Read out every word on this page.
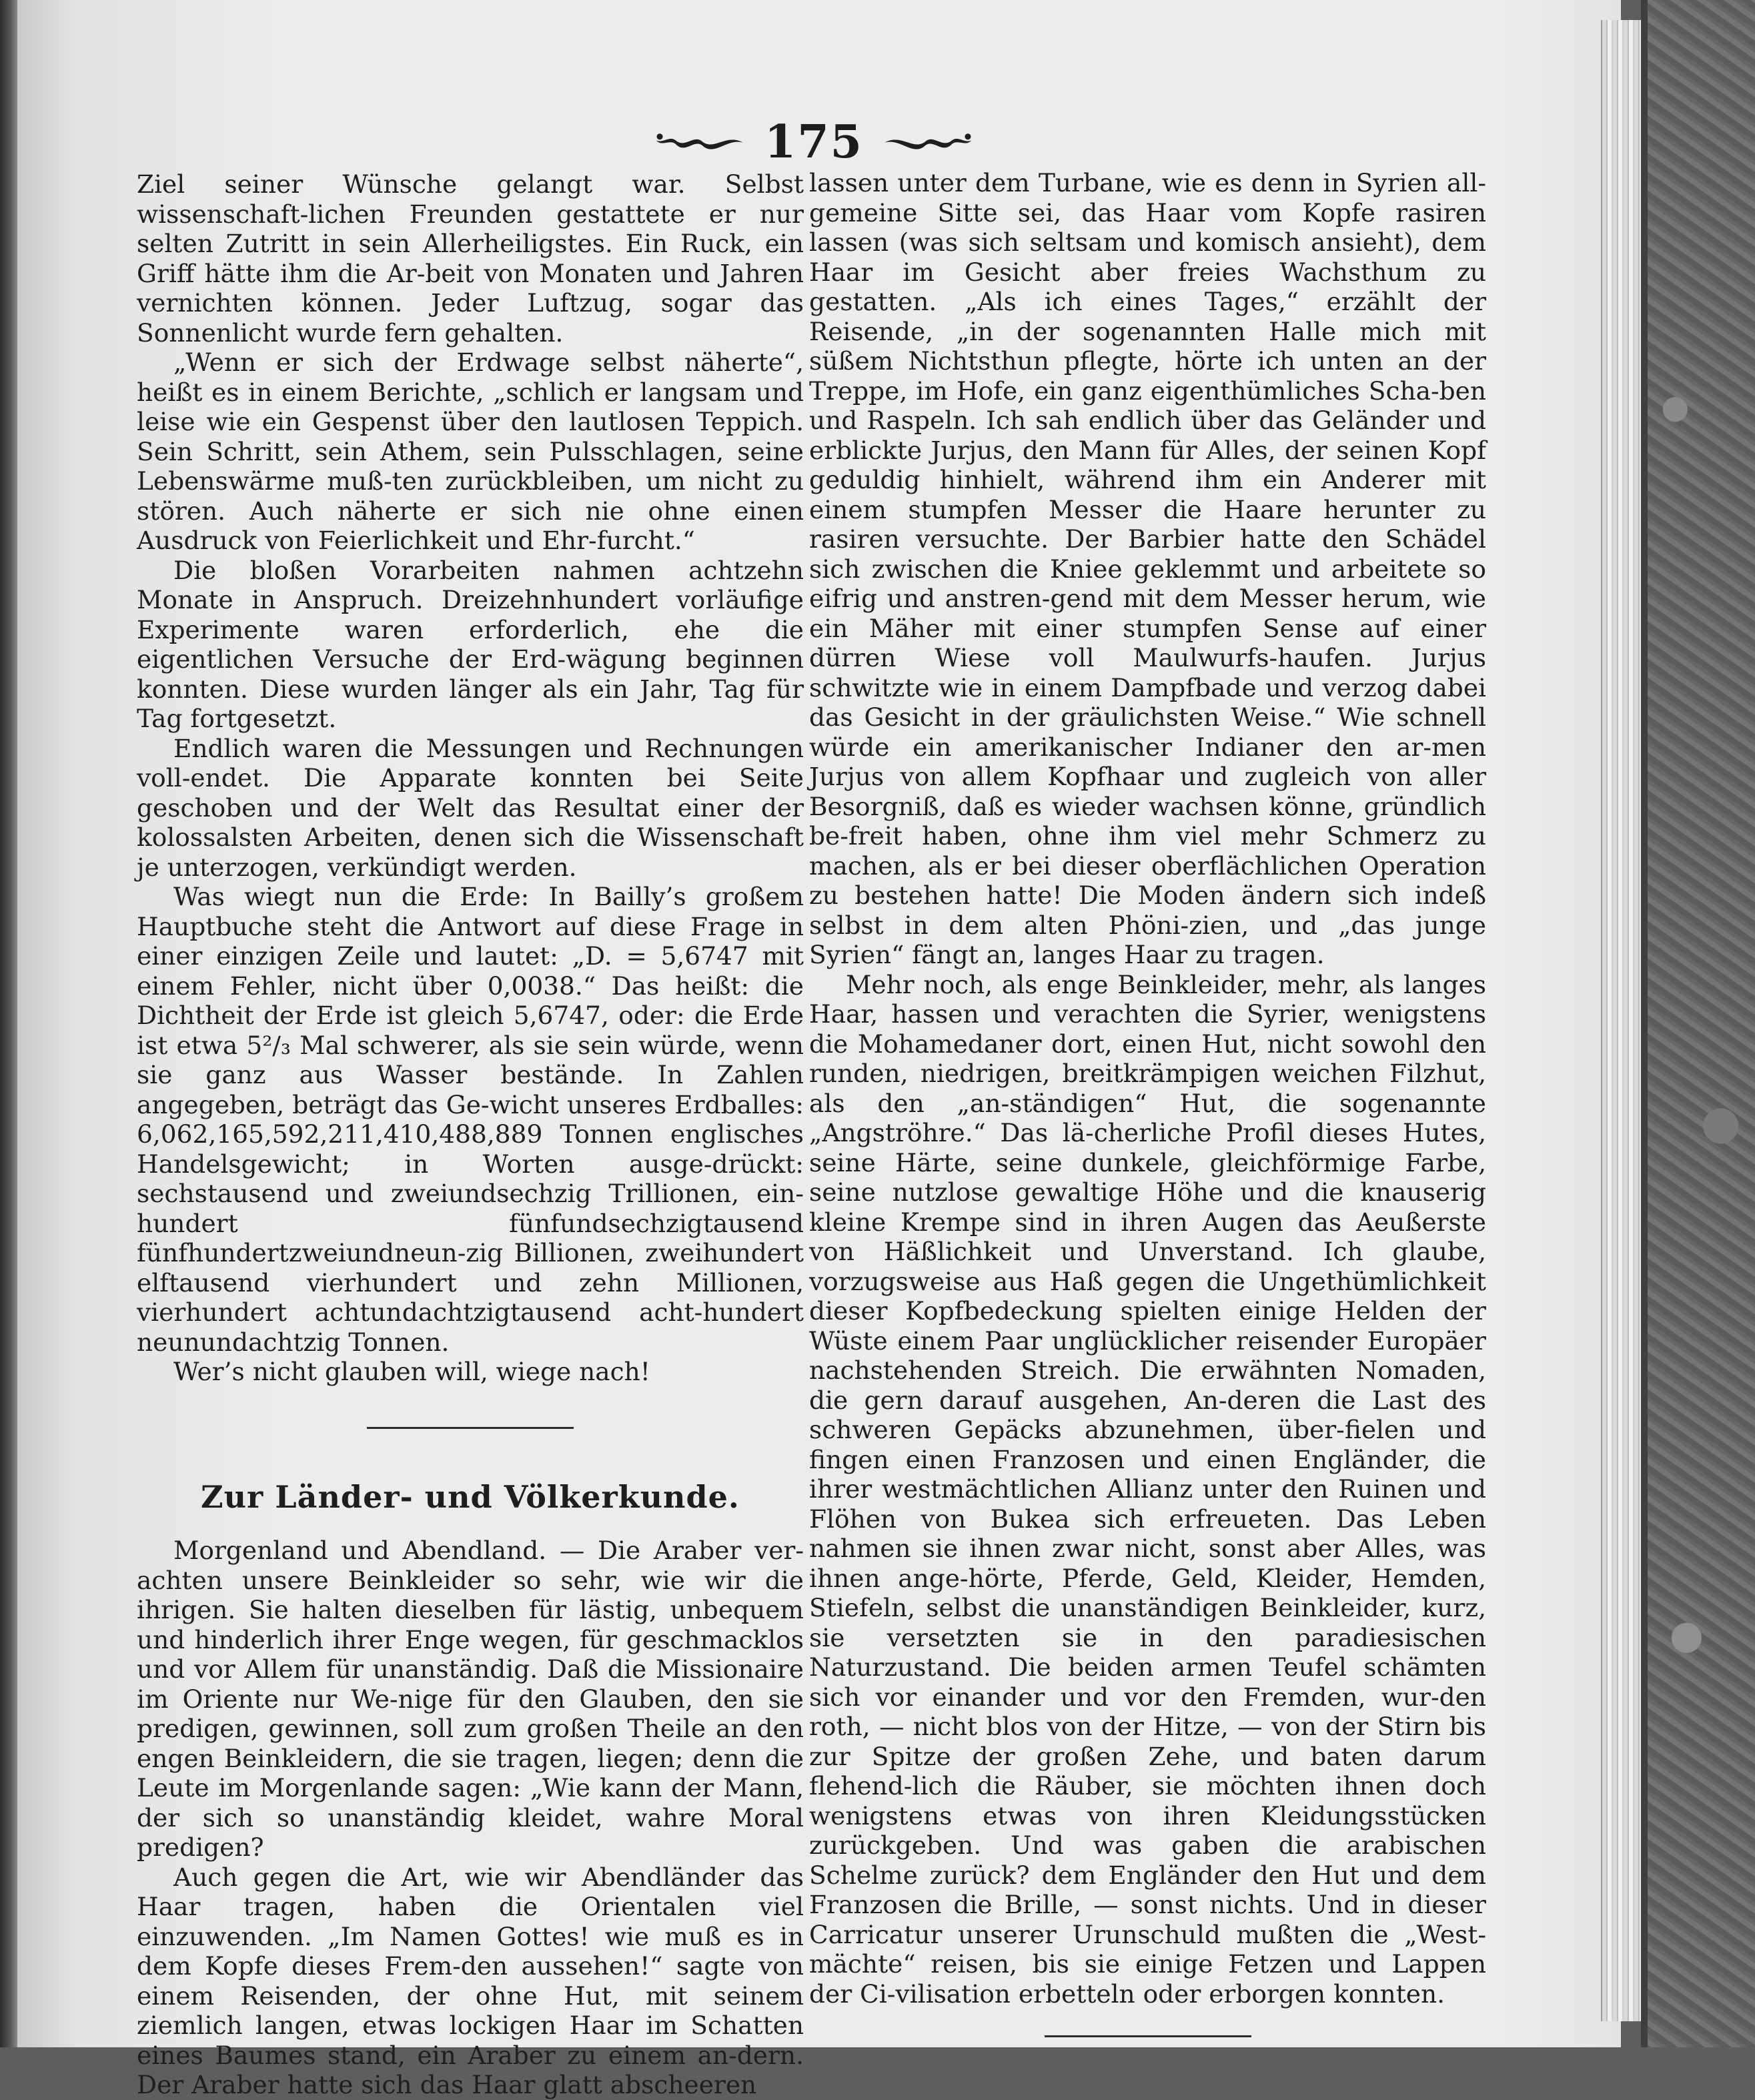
175

Ziel seiner Wünsche gelangt war. Selbst wissenschaft-lichen Freunden gestattete er nur selten Zutritt in sein Allerheiligstes. Ein Ruck, ein Griff hätte ihm die Ar-beit von Monaten und Jahren vernichten können. Jeder Luftzug, sogar das Sonnenlicht wurde fern gehalten.

„Wenn er sich der Erdwage selbst näherte“, heißt es in einem Berichte, „schlich er langsam und leise wie ein Gespenst über den lautlosen Teppich. Sein Schritt, sein Athem, sein Pulsschlagen, seine Lebenswärme muß-ten zurückbleiben, um nicht zu stören. Auch näherte er sich nie ohne einen Ausdruck von Feierlichkeit und Ehr-furcht.“

Die bloßen Vorarbeiten nahmen achtzehn Monate in Anspruch. Dreizehnhundert vorläufige Experimente waren erforderlich, ehe die eigentlichen Versuche der Erd-wägung beginnen konnten. Diese wurden länger als ein Jahr, Tag für Tag fortgesetzt.

Endlich waren die Messungen und Rechnungen voll-endet. Die Apparate konnten bei Seite geschoben und der Welt das Resultat einer der kolossalsten Arbeiten, denen sich die Wissenschaft je unterzogen, verkündigt werden.

Was wiegt nun die Erde: In Bailly’s großem Hauptbuche steht die Antwort auf diese Frage in einer einzigen Zeile und lautet: „D. = 5,6747 mit einem Fehler, nicht über 0,0038.“ Das heißt: die Dichtheit der Erde ist gleich 5,6747, oder: die Erde ist etwa 5²/₃ Mal schwerer, als sie sein würde, wenn sie ganz aus Wasser bestände. In Zahlen angegeben, beträgt das Ge-wicht unseres Erdballes: 6,062,165,592,211,410,488,889 Tonnen englisches Handelsgewicht; in Worten ausge-drückt: sechstausend und zweiundsechzig Trillionen, ein-hundert fünfundsechzigtausend fünfhundertzweiundneun-zig Billionen, zweihundert elftausend vierhundert und zehn Millionen, vierhundert achtundachtzigtausend acht-hundert neunundachtzig Tonnen.

Wer’s nicht glauben will, wiege nach!

Zur Länder- und Völkerkunde.

Morgenland und Abendland. — Die Araber ver-achten unsere Beinkleider so sehr, wie wir die ihrigen. Sie halten dieselben für lästig, unbequem und hinderlich ihrer Enge wegen, für geschmacklos und vor Allem für unanständig. Daß die Missionaire im Oriente nur We-nige für den Glauben, den sie predigen, gewinnen, soll zum großen Theile an den engen Beinkleidern, die sie tragen, liegen; denn die Leute im Morgenlande sagen: „Wie kann der Mann, der sich so unanständig kleidet, wahre Moral predigen?

Auch gegen die Art, wie wir Abendländer das Haar tragen, haben die Orientalen viel einzuwenden. „Im Namen Gottes! wie muß es in dem Kopfe dieses Frem-den aussehen!“ sagte von einem Reisenden, der ohne Hut, mit seinem ziemlich langen, etwas lockigen Haar im Schatten eines Baumes stand, ein Araber zu einem an-dern. Der Araber hatte sich das Haar glatt abscheeren

lassen unter dem Turbane, wie es denn in Syrien all-gemeine Sitte sei, das Haar vom Kopfe rasiren lassen (was sich seltsam und komisch ansieht), dem Haar im Gesicht aber freies Wachsthum zu gestatten. „Als ich eines Tages,“ erzählt der Reisende, „in der sogenannten Halle mich mit süßem Nichtsthun pflegte, hörte ich unten an der Treppe, im Hofe, ein ganz eigenthümliches Scha-ben und Raspeln. Ich sah endlich über das Geländer und erblickte Jurjus, den Mann für Alles, der seinen Kopf geduldig hinhielt, während ihm ein Anderer mit einem stumpfen Messer die Haare herunter zu rasiren versuchte. Der Barbier hatte den Schädel sich zwischen die Kniee geklemmt und arbeitete so eifrig und anstren-gend mit dem Messer herum, wie ein Mäher mit einer stumpfen Sense auf einer dürren Wiese voll Maulwurfs-haufen. Jurjus schwitzte wie in einem Dampfbade und verzog dabei das Gesicht in der gräulichsten Weise.“ Wie schnell würde ein amerikanischer Indianer den ar-men Jurjus von allem Kopfhaar und zugleich von aller Besorgniß, daß es wieder wachsen könne, gründlich be-freit haben, ohne ihm viel mehr Schmerz zu machen, als er bei dieser oberflächlichen Operation zu bestehen hatte! Die Moden ändern sich indeß selbst in dem alten Phöni-zien, und „das junge Syrien“ fängt an, langes Haar zu tragen.

Mehr noch, als enge Beinkleider, mehr, als langes Haar, hassen und verachten die Syrier, wenigstens die Mohamedaner dort, einen Hut, nicht sowohl den runden, niedrigen, breitkrämpigen weichen Filzhut, als den „an-ständigen“ Hut, die sogenannte „Angströhre.“ Das lä-cherliche Profil dieses Hutes, seine Härte, seine dunkele, gleichförmige Farbe, seine nutzlose gewaltige Höhe und die knauserig kleine Krempe sind in ihren Augen das Aeußerste von Häßlichkeit und Unverstand. Ich glaube, vorzugsweise aus Haß gegen die Ungethümlichkeit dieser Kopfbedeckung spielten einige Helden der Wüste einem Paar unglücklicher reisender Europäer nachstehenden Streich. Die erwähnten Nomaden, die gern darauf ausgehen, An-deren die Last des schweren Gepäcks abzunehmen, über-fielen und fingen einen Franzosen und einen Engländer, die ihrer westmächtlichen Allianz unter den Ruinen und Flöhen von Bukea sich erfreueten. Das Leben nahmen sie ihnen zwar nicht, sonst aber Alles, was ihnen ange-hörte, Pferde, Geld, Kleider, Hemden, Stiefeln, selbst die unanständigen Beinkleider, kurz, sie versetzten sie in den paradiesischen Naturzustand. Die beiden armen Teufel schämten sich vor einander und vor den Fremden, wur-den roth, — nicht blos von der Hitze, — von der Stirn bis zur Spitze der großen Zehe, und baten darum flehend-lich die Räuber, sie möchten ihnen doch wenigstens etwas von ihren Kleidungsstücken zurückgeben. Und was gaben die arabischen Schelme zurück? dem Engländer den Hut und dem Franzosen die Brille, — sonst nichts. Und in dieser Carricatur unserer Urunschuld mußten die „West-mächte“ reisen, bis sie einige Fetzen und Lappen der Ci-vilisation erbetteln oder erborgen konnten.
